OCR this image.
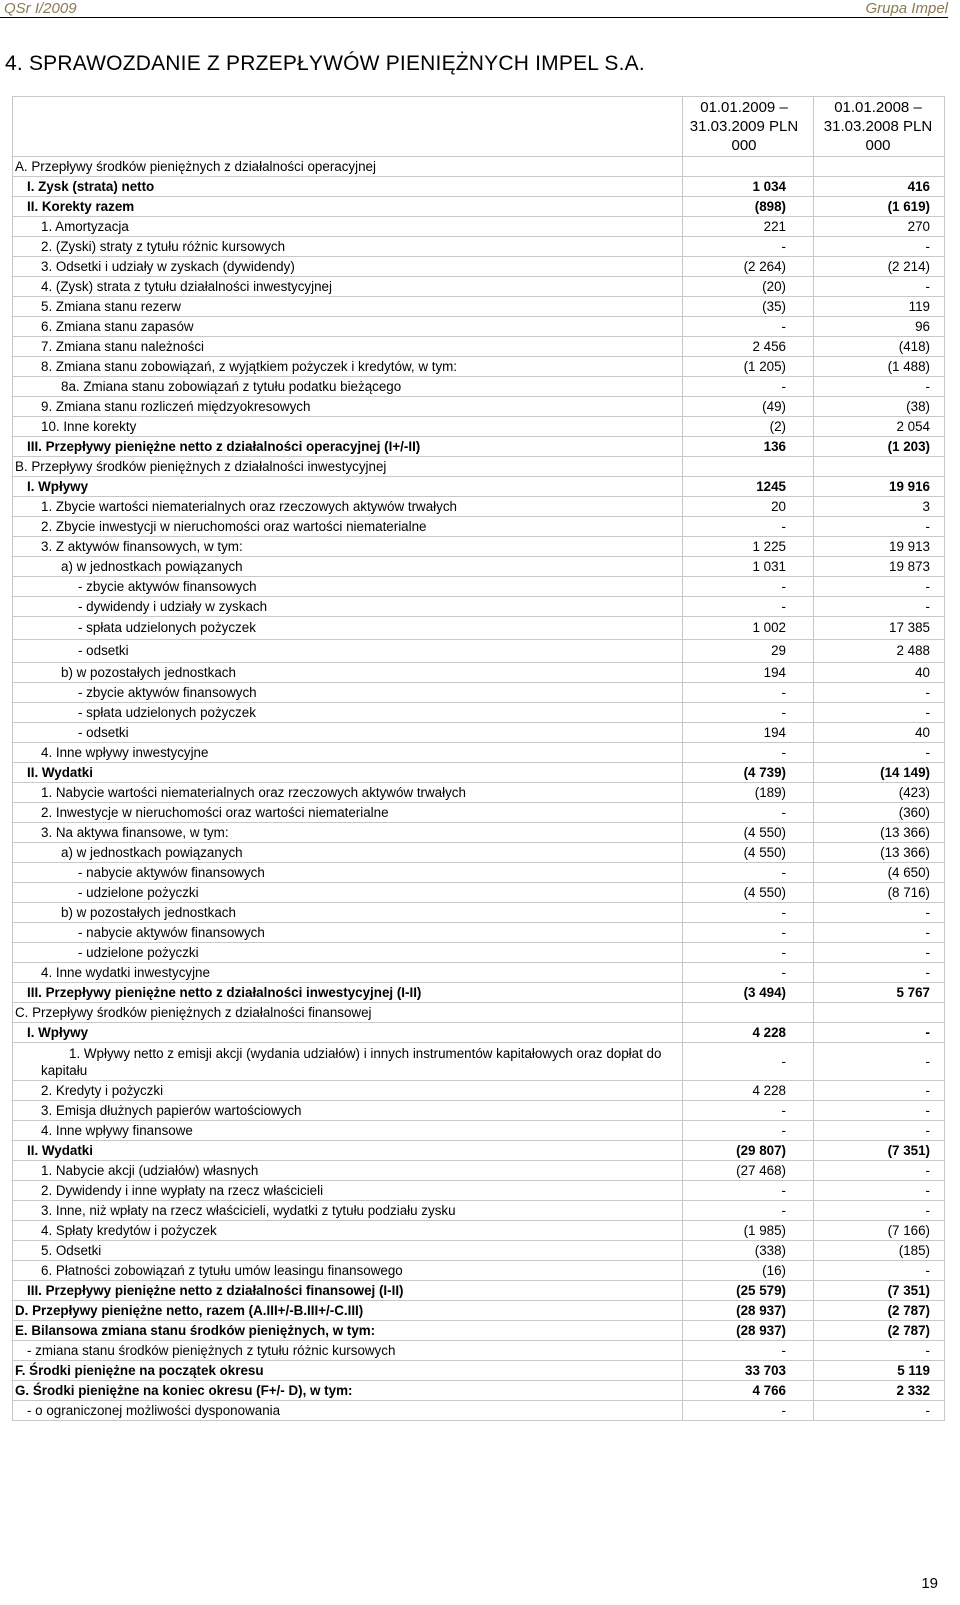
QSr I/2009	Grupa Impel
4. SPRAWOZDANIE Z PRZEPŁYWÓW PIENIĘŻNYCH IMPEL S.A.
	01.01.2009 – 31.03.2009 PLN 000	01.01.2008 – 31.03.2008 PLN 000
A. Przepływy środków pieniężnych z działalności operacyjnej		
I. Zysk (strata) netto	1 034	416
II. Korekty razem	(898)	(1 619)
1. Amortyzacja	221	270
2. (Zyski) straty z tytułu różnic kursowych	-	-
3. Odsetki i udziały w zyskach (dywidendy)	(2 264)	(2 214)
4. (Zysk) strata z tytułu działalności inwestycyjnej	(20)	-
5. Zmiana stanu rezerw	(35)	119
6. Zmiana stanu zapasów	-	96
7. Zmiana stanu należności	2 456	(418)
8. Zmiana stanu zobowiązań, z wyjątkiem pożyczek i kredytów, w tym:	(1 205)	(1 488)
8a. Zmiana stanu zobowiązań z tytułu podatku bieżącego	-	-
9. Zmiana stanu rozliczeń międzyokresowych	(49)	(38)
10. Inne korekty	(2)	2 054
III. Przepływy pieniężne netto z działalności operacyjnej (I+/-II)	136	(1 203)
B. Przepływy środków pieniężnych z działalności inwestycyjnej		
I. Wpływy	1245	19 916
1. Zbycie wartości niematerialnych oraz rzeczowych aktywów trwałych	20	3
2. Zbycie inwestycji w nieruchomości oraz wartości niematerialne	-	-
3. Z aktywów finansowych, w tym:	1 225	19 913
a) w jednostkach powiązanych	1 031	19 873
- zbycie aktywów finansowych	-	-
- dywidendy i udziały w zyskach	-	-
- spłata udzielonych pożyczek	1 002	17 385
- odsetki	29	2 488
b) w pozostałych jednostkach	194	40
- zbycie aktywów finansowych	-	-
- spłata udzielonych pożyczek	-	-
- odsetki	194	40
4. Inne wpływy inwestycyjne	-	-
II. Wydatki	(4 739)	(14 149)
1. Nabycie wartości niematerialnych oraz rzeczowych aktywów trwałych	(189)	(423)
2. Inwestycje w nieruchomości oraz wartości niematerialne	-	(360)
3. Na aktywa finansowe, w tym:	(4 550)	(13 366)
a) w jednostkach powiązanych	(4 550)	(13 366)
- nabycie aktywów finansowych	-	(4 650)
- udzielone pożyczki	(4 550)	(8 716)
b) w pozostałych jednostkach	-	-
- nabycie aktywów finansowych	-	-
- udzielone pożyczki	-	-
4. Inne wydatki inwestycyjne	-	-
III. Przepływy pieniężne netto z działalności inwestycyjnej (I-II)	(3 494)	5 767
C. Przepływy środków pieniężnych z działalności finansowej		
I. Wpływy	4 228	-
1. Wpływy netto z emisji akcji (wydania udziałów) i innych instrumentów kapitałowych oraz dopłat do kapitału	-	-
2. Kredyty i pożyczki	4 228	-
3. Emisja dłużnych papierów wartościowych	-	-
4. Inne wpływy finansowe	-	-
II. Wydatki	(29 807)	(7 351)
1. Nabycie akcji (udziałów) własnych	(27 468)	-
2. Dywidendy i inne wypłaty na rzecz właścicieli	-	-
3. Inne, niż wpłaty na rzecz właścicieli, wydatki z tytułu podziału zysku	-	-
4. Spłaty kredytów i pożyczek	(1 985)	(7 166)
5. Odsetki	(338)	(185)
6. Płatności zobowiązań z tytułu umów leasingu finansowego	(16)	-
III. Przepływy pieniężne netto z działalności finansowej (I-II)	(25 579)	(7 351)
D. Przepływy pieniężne netto, razem (A.III+/-B.III+/-C.III)	(28 937)	(2 787)
E. Bilansowa zmiana stanu środków pieniężnych, w tym:	(28 937)	(2 787)
- zmiana stanu środków pieniężnych z tytułu różnic kursowych	-	-
F. Środki pieniężne na początek okresu	33 703	5 119
G. Środki pieniężne na koniec okresu (F+/- D), w tym:	4 766	2 332
- o ograniczonej możliwości dysponowania	-	-
19
